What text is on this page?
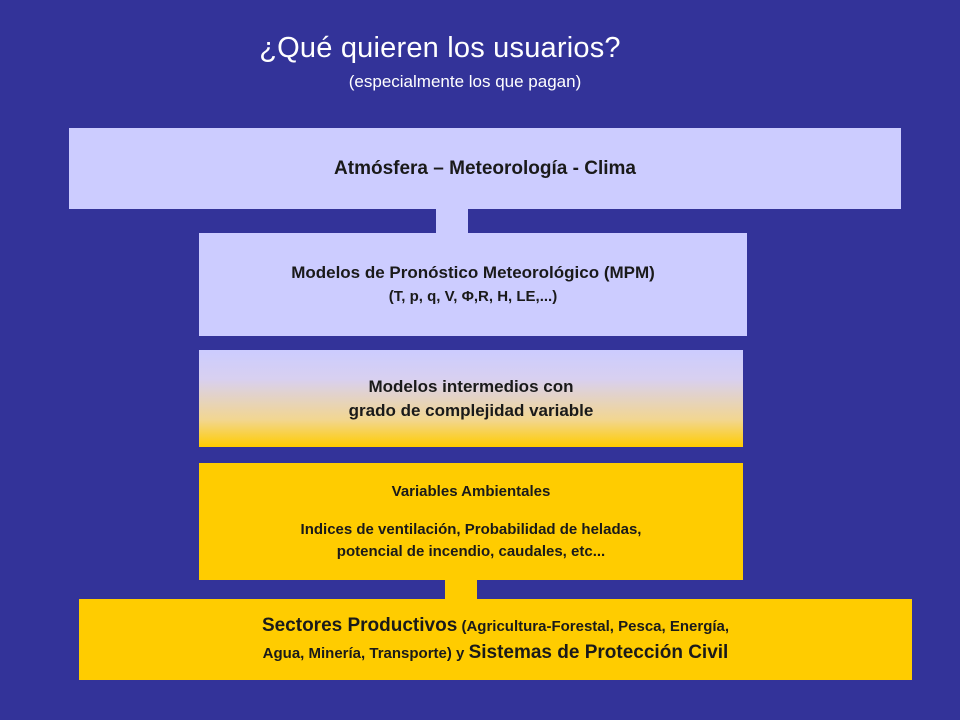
¿Qué quieren los usuarios?
(especialmente los que pagan)
Atmósfera – Meteorología - Clima
Modelos de Pronóstico Meteorológico (MPM)
(T, p, q, V, Φ,R, H, LE,...)
Modelos intermedios con
grado de complejidad variable
Variables Ambientales
Indices de ventilación, Probabilidad de heladas,
potencial de incendio, caudales, etc...
Sectores Productivos (Agricultura-Forestal, Pesca, Energía,
Agua, Minería, Transporte) y Sistemas de Protección Civil
